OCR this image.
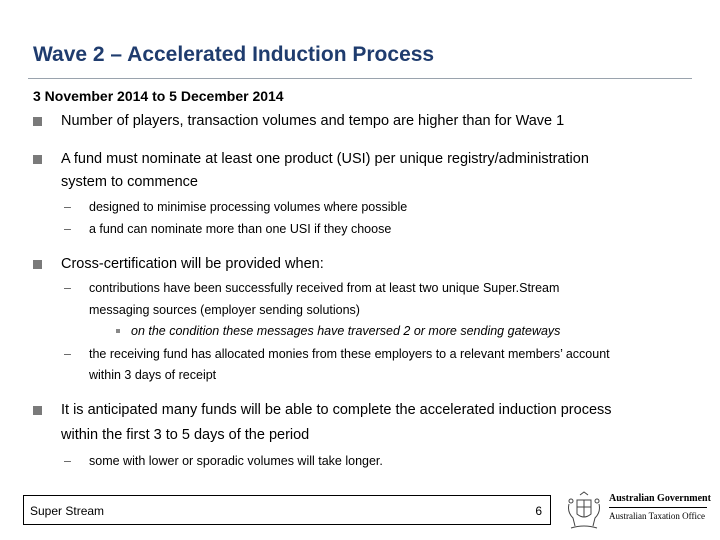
Wave 2 – Accelerated Induction Process
3 November 2014 to 5 December 2014
Number of players, transaction volumes and tempo are higher than for Wave 1
A fund must nominate at least one product (USI) per unique registry/administration
system to commence
– designed to minimise processing volumes where possible
– a fund can nominate more than one USI if they choose
Cross-certification will be provided when:
– contributions have been successfully received from at least two unique Super.Stream
messaging sources (employer sending solutions)
on the condition these messages have traversed 2 or more sending gateways
– the receiving fund has allocated monies from these employers to a relevant members’ account
within 3 days of receipt
It is anticipated many funds will be able to complete the accelerated induction process
within the first 3 to 5 days of the period
– some with lower or sporadic volumes will take longer.
Super Stream	6
Australian Government
Australian Taxation Office
